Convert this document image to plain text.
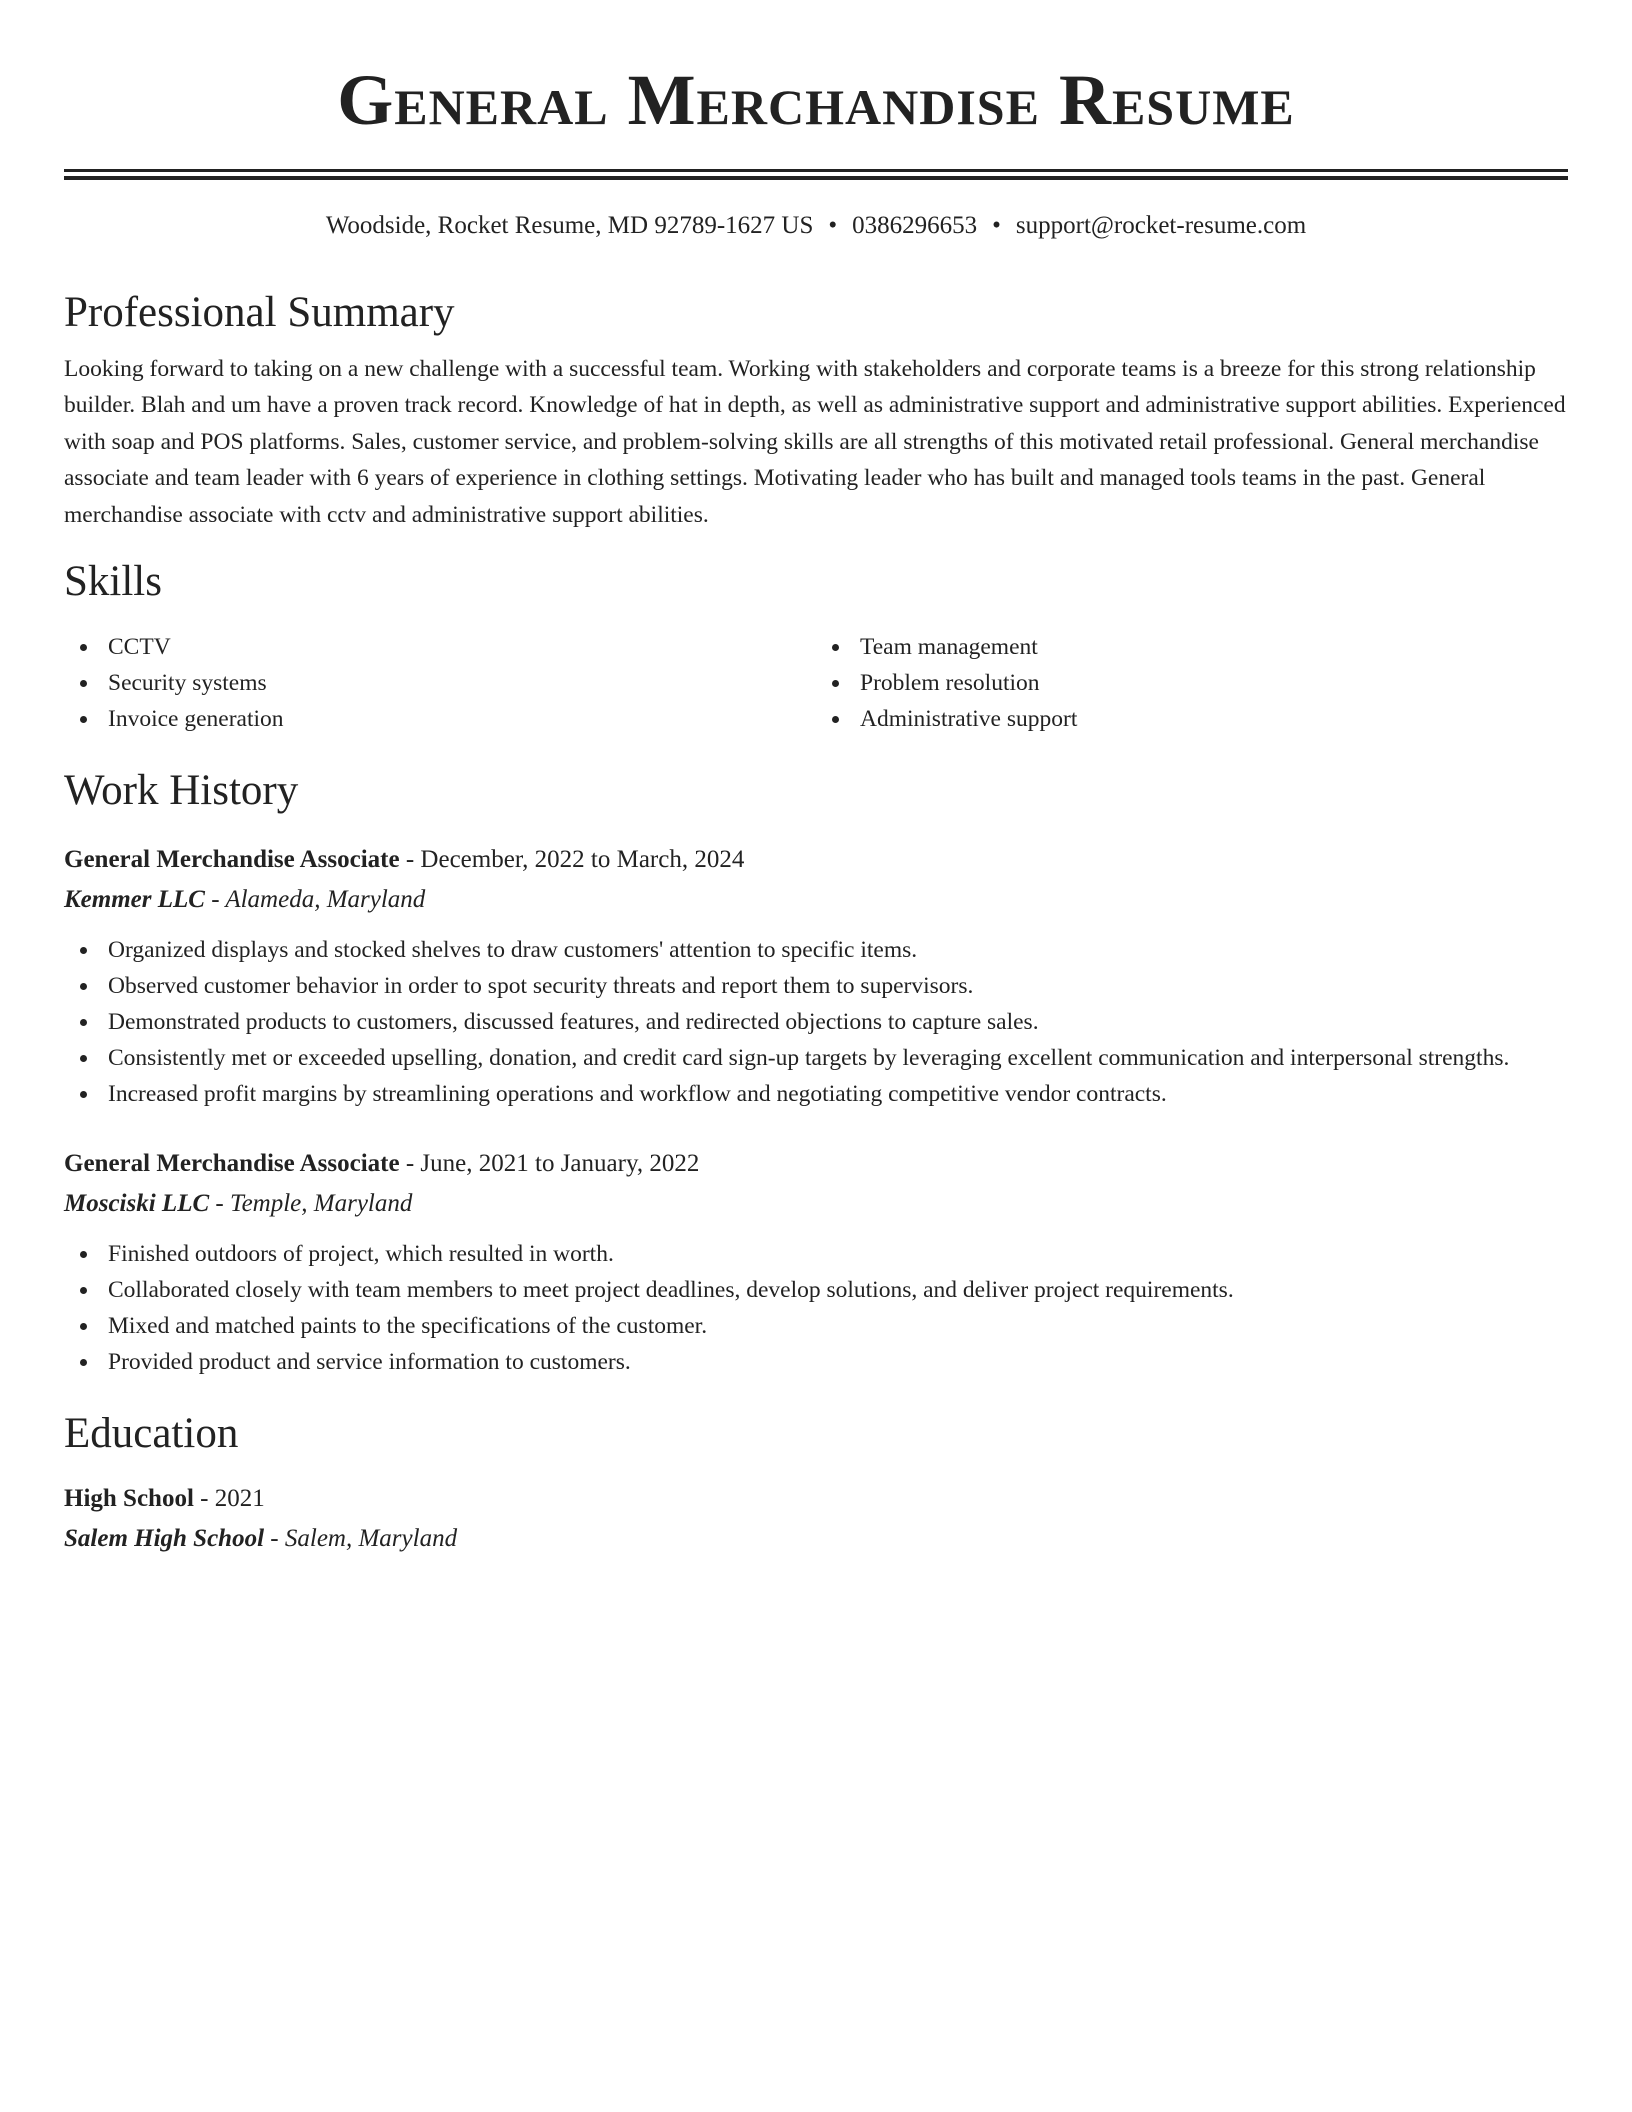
General Merchandise Resume
Woodside, Rocket Resume, MD 92789-1627 US • 0386296653 • support@rocket-resume.com
Professional Summary

Looking forward to taking on a new challenge with a successful team. Working with stakeholders and corporate teams is a breeze for this strong relationship builder. Blah and um have a proven track record. Knowledge of hat in depth, as well as administrative support and administrative support abilities. Experienced with soap and POS platforms. Sales, customer service, and problem-solving skills are all strengths of this motivated retail professional. General merchandise associate and team leader with 6 years of experience in clothing settings. Motivating leader who has built and managed tools teams in the past. General merchandise associate with cctv and administrative support abilities.

Skills
CCTV
Security systems
Invoice generation
Team management
Problem resolution
Administrative support
Work History
General Merchandise Associate - December, 2022 to March, 2024
Kemmer LLC - Alameda, Maryland
Organized displays and stocked shelves to draw customers' attention to specific items.
Observed customer behavior in order to spot security threats and report them to supervisors.
Demonstrated products to customers, discussed features, and redirected objections to capture sales.
Consistently met or exceeded upselling, donation, and credit card sign-up targets by leveraging excellent communication and interpersonal strengths.
Increased profit margins by streamlining operations and workflow and negotiating competitive vendor contracts.
General Merchandise Associate - June, 2021 to January, 2022
Mosciski LLC - Temple, Maryland
Finished outdoors of project, which resulted in worth.
Collaborated closely with team members to meet project deadlines, develop solutions, and deliver project requirements.
Mixed and matched paints to the specifications of the customer.
Provided product and service information to customers.
Education
High School - 2021
Salem High School - Salem, Maryland
